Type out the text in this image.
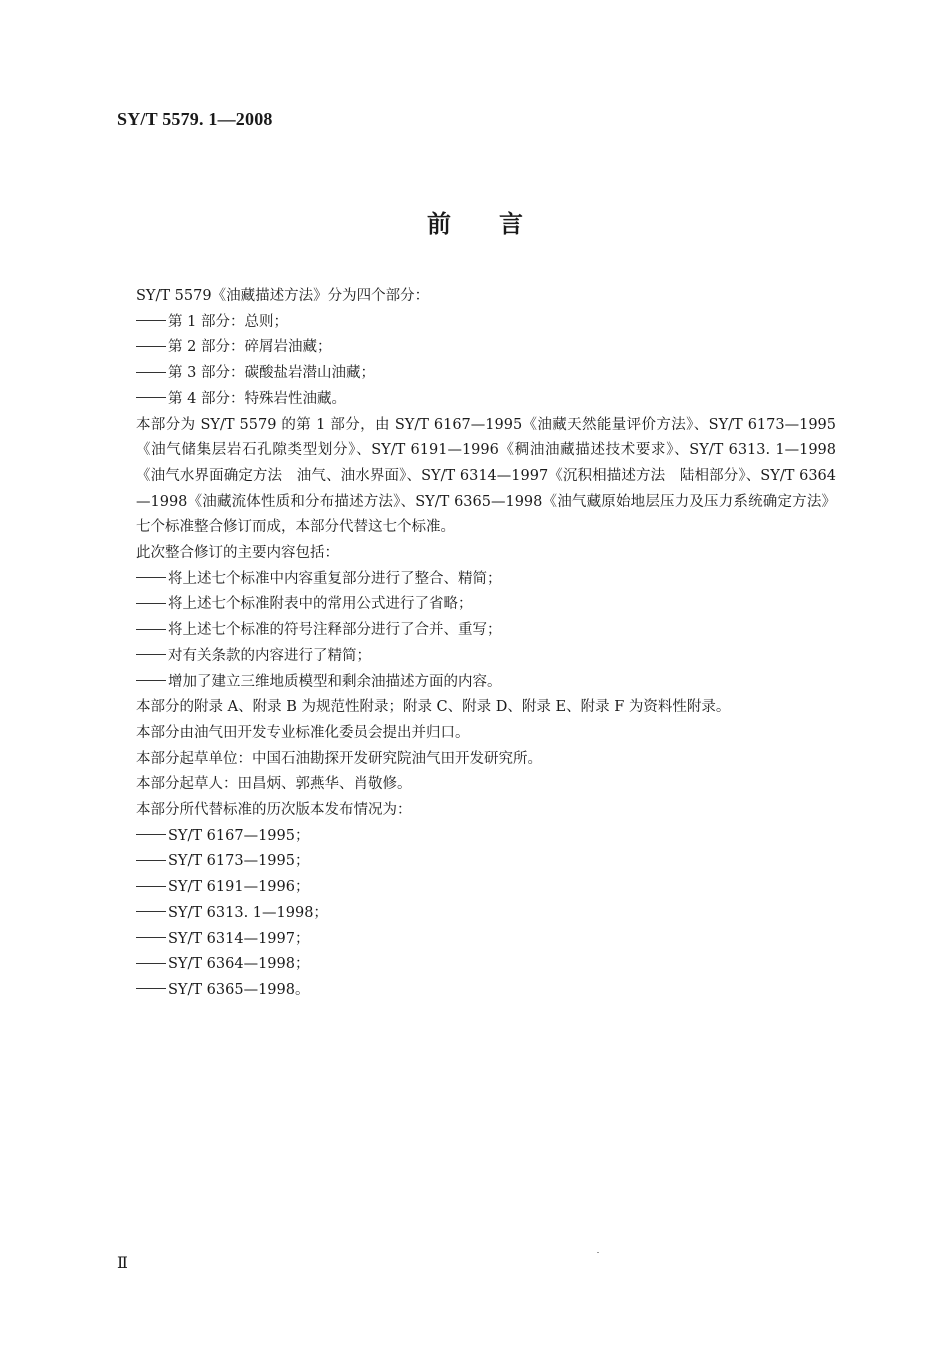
SY/T 5579. 1—2008
前 言

SY/T 5579《油藏描述方法》分为四个部分：

第 1 部分：总则；

第 2 部分：碎屑岩油藏；

第 3 部分：碳酸盐岩潜山油藏；

第 4 部分：特殊岩性油藏。

本部分为 SY/T 5579 的第 1 部分，由 SY/T 6167—1995《油藏天然能量评价方法》、SY/T 6173—1995《油气储集层岩石孔隙类型划分》、SY/T 6191—1996《稠油油藏描述技术要求》、SY/T 6313. 1—1998《油气水界面确定方法　油气、油水界面》、SY/T 6314—1997《沉积相描述方法　陆相部分》、SY/T 6364—1998《油藏流体性质和分布描述方法》、SY/T 6365—1998《油气藏原始地层压力及压力系统确定方法》七个标准整合修订而成，本部分代替这七个标准。

此次整合修订的主要内容包括：

将上述七个标准中内容重复部分进行了整合、精简；

将上述七个标准附表中的常用公式进行了省略；

将上述七个标准的符号注释部分进行了合并、重写；

对有关条款的内容进行了精简；

增加了建立三维地质模型和剩余油描述方面的内容。

本部分的附录 A、附录 B 为规范性附录；附录 C、附录 D、附录 E、附录 F 为资料性附录。

本部分由油气田开发专业标准化委员会提出并归口。

本部分起草单位：中国石油勘探开发研究院油气田开发研究所。

本部分起草人：田昌炳、郭燕华、肖敬修。

本部分所代替标准的历次版本发布情况为：

SY/T 6167—1995；

SY/T 6173—1995；

SY/T 6191—1996；

SY/T 6313. 1—1998；

SY/T 6314—1997；

SY/T 6364—1998；

SY/T 6365—1998。

Ⅱ
